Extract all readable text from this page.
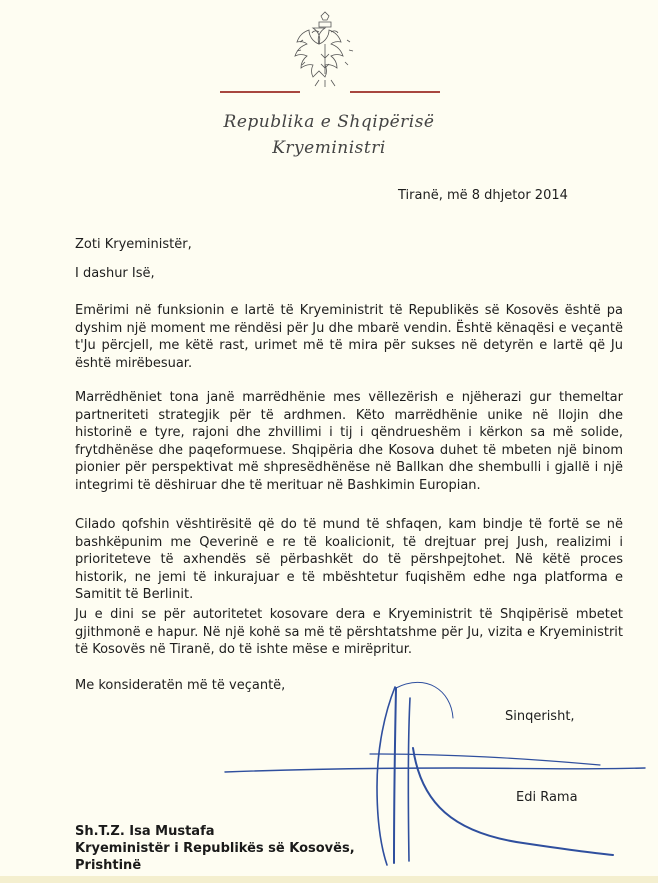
Republika e Shqipërisë
Kryeministri
Tiranë, më 8 dhjetor 2014
Zoti Kryeministër,
I dashur Isë,
Emërimi në funksionin e lartë të Kryeministrit të Republikës së Kosovës është pa dyshim një moment me rëndësi për Ju dhe mbarë vendin. Është kënaqësi e veçantë t'Ju përcjell, me këtë rast, urimet më të mira për sukses në detyrën e lartë që Ju është mirëbesuar.
Marrëdhëniet tona janë marrëdhënie mes vëllezërish e njëherazi gur themeltar partneriteti strategjik për të ardhmen. Këto marrëdhënie unike në llojin dhe historinë e tyre, rajoni dhe zhvillimi i tij i qëndrueshëm i kërkon sa më solide, frytdhënëse dhe paqeformuese. Shqipëria dhe Kosova duhet të mbeten një binom pionier për perspektivat më shpresëdhënëse në Ballkan dhe shembulli i gjallë i një integrimi të dëshiruar dhe të merituar në Bashkimin Europian.
Cilado qofshin vështirësitë që do të mund të shfaqen, kam bindje të fortë se në bashkëpunim me Qeverinë e re të koalicionit, të drejtuar prej Jush, realizimi i prioriteteve të axhendës së përbashkët do të përshpejtohet. Në këtë proces historik, ne jemi të inkurajuar e të mbështetur fuqishëm edhe nga platforma e Samitit të Berlinit.
Ju e dini se për autoritetet kosovare dera e Kryeministrit të Shqipërisë mbetet gjithmonë e hapur. Në një kohë sa më të përshtatshme për Ju, vizita e Kryeministrit të Kosovës në Tiranë, do të ishte mëse e mirëpritur.
Me konsideratën më të veçantë,
Sinqerisht,
Edi Rama
Sh.T.Z. Isa Mustafa
Kryeministër i Republikës së Kosovës,
Prishtinë
